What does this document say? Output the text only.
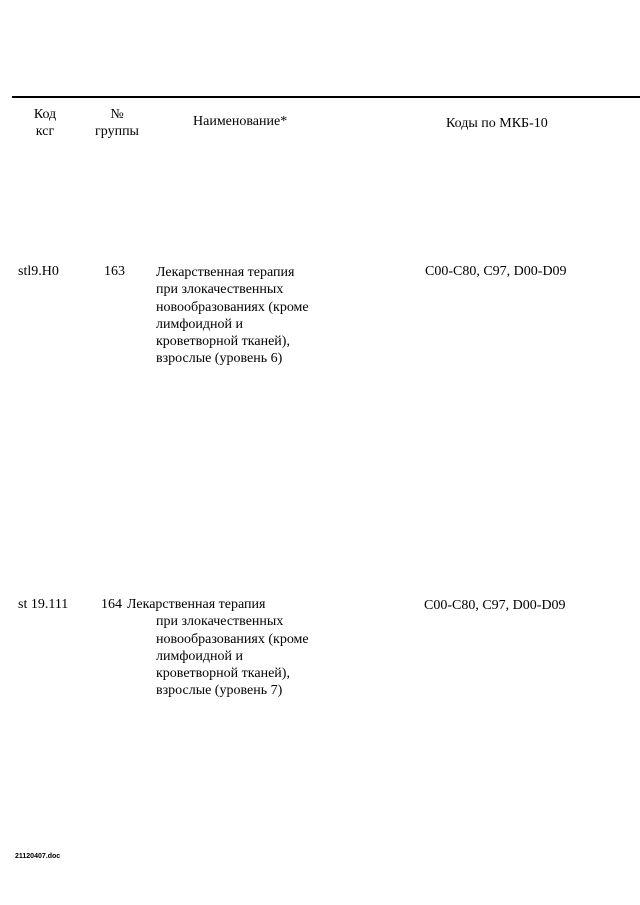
Код
ксг
№
группы
Наименование*	Коды по МКБ-10
stl9.H0	163 Лекарственная терапия
при злокачественных
новообразованиях (кроме
лимфоидной и
кроветворной тканей),
взрослые (уровень 6)
C00-C80, C97, D00-D09
st 19.111 164 Лекарственная терапия
при злокачественных
новообразованиях (кроме
лимфоидной и
кроветворной тканей),
взрослые (уровень 7)
C00-C80, C97, D00-D09
21120407.doc
